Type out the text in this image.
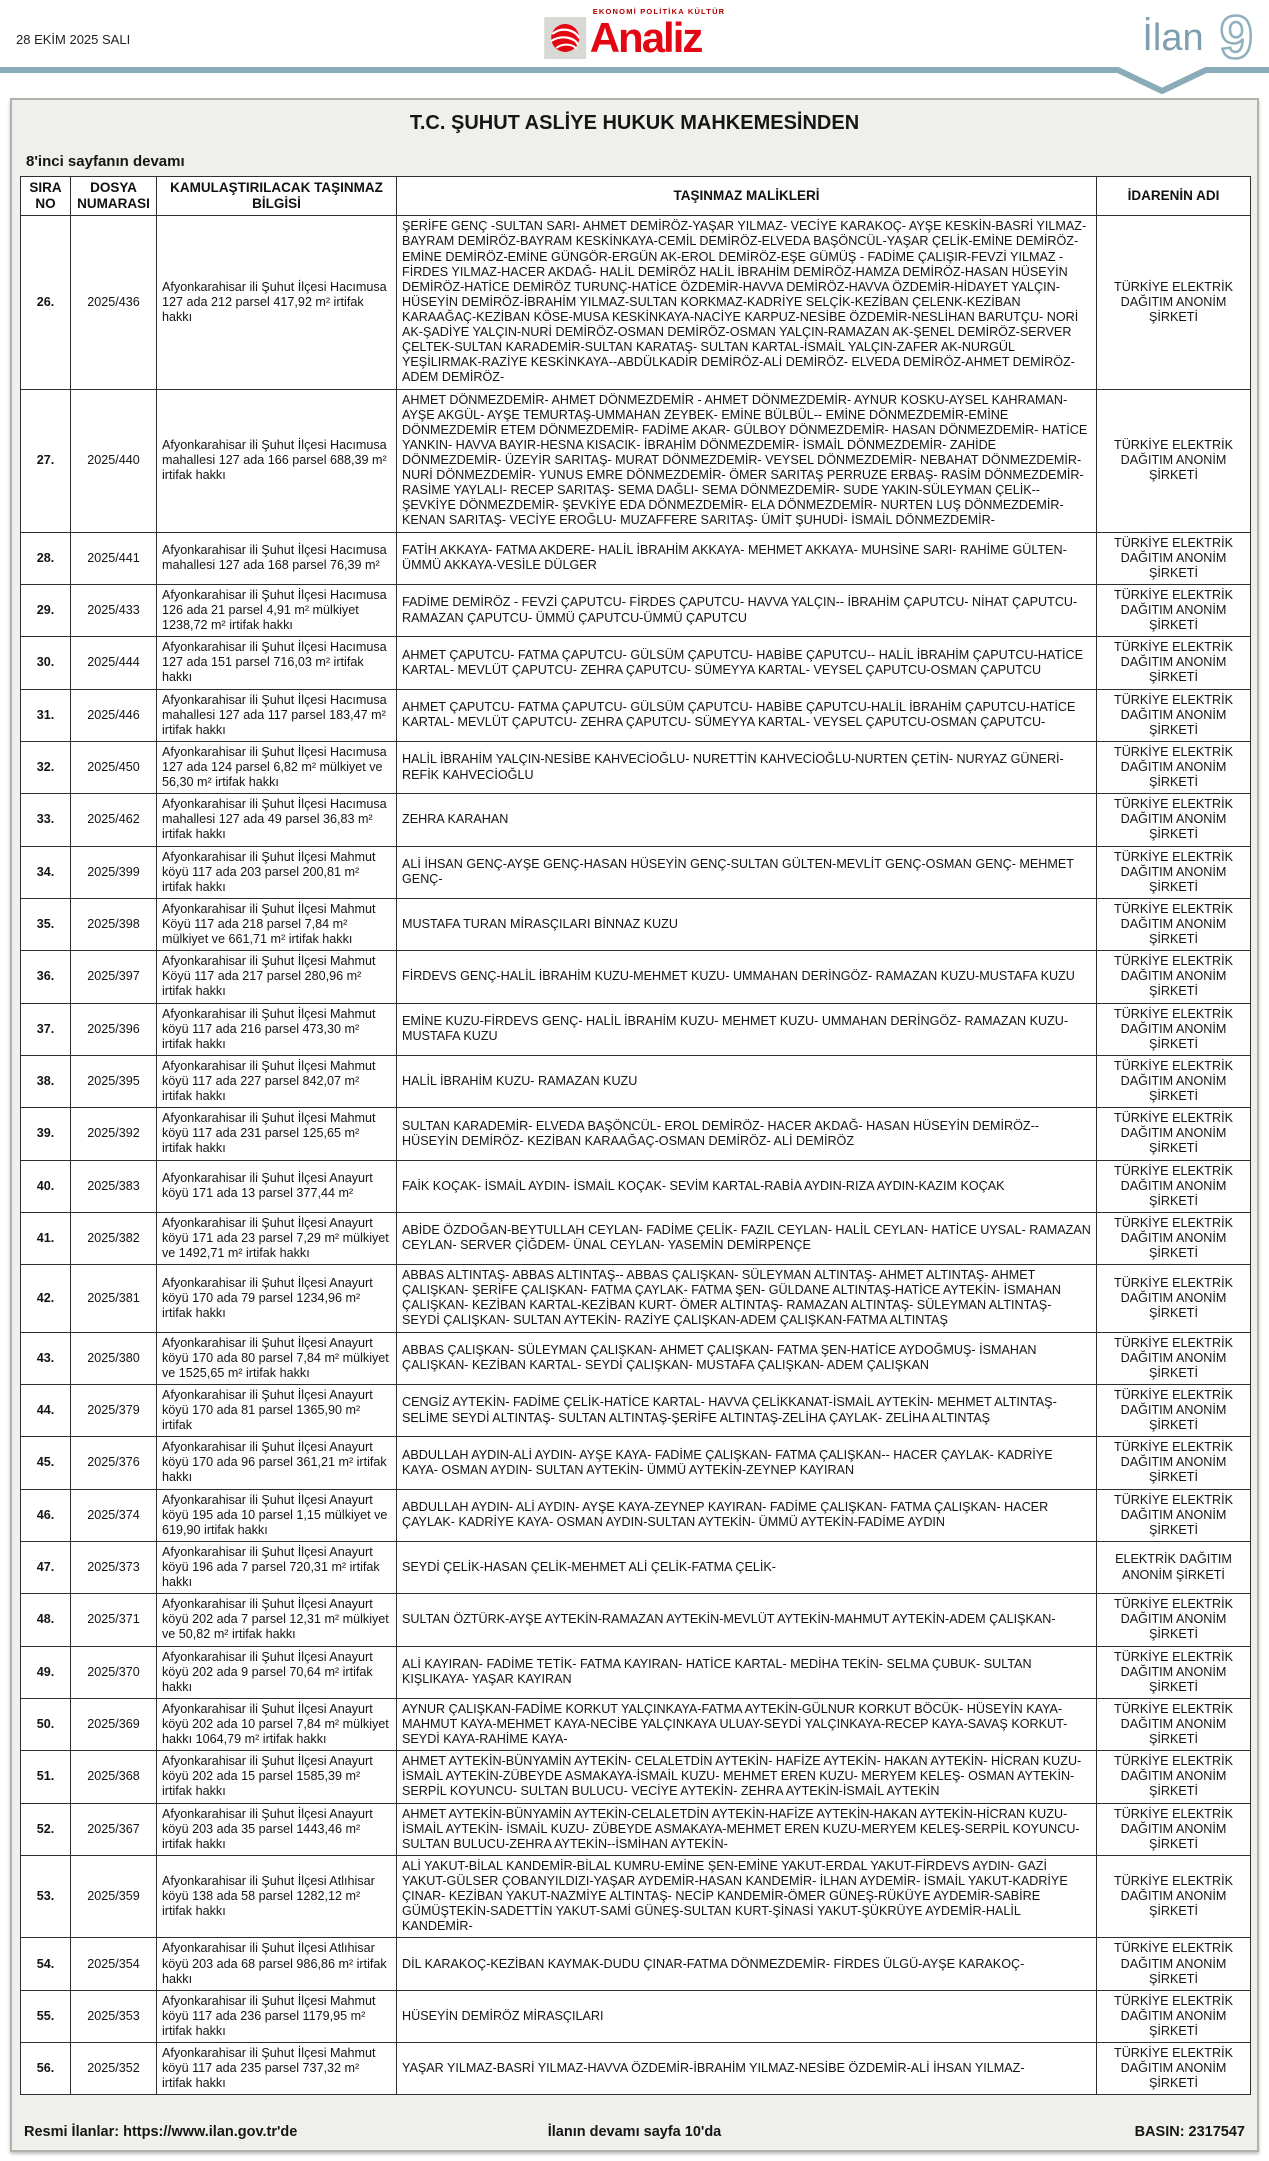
28 EKİM 2025 SALI
EKONOMİ POLİTİKA KÜLTÜR
Analiz	İlan 9
T.C. ŞUHUT ASLİYE HUKUK MAHKEMESİNDEN
8'inci sayfanın devamı
SIRA NO	DOSYA NUMARASI	KAMULAŞTIRILACAK TAŞINMAZ BİLGİSİ	TAŞINMAZ MALİKLERİ	İDARENİN ADI
26.	2025/436	Afyonkarahisar ili Şuhut İlçesi Hacımusa 127 ada 212 parsel 417,92 m² irtifak hakkı	ŞERİFE GENÇ -SULTAN SARI- AHMET DEMİRÖZ-YAŞAR YILMAZ- VECİYE KARAKOÇ- AYŞE KESKİN-BASRİ YILMAZ-BAYRAM DEMİRÖZ-BAYRAM KESKİNKAYA-CEMİL DEMİRÖZ-ELVEDA BAŞÖNCÜL-YAŞAR ÇELİK-EMİNE DEMİRÖZ-EMİNE DEMİRÖZ-EMİNE GÜNGÖR-ERGÜN AK-EROL DEMİRÖZ-EŞE GÜMÜŞ - FADİME ÇALIŞIR-FEVZİ YILMAZ -FİRDES YILMAZ-HACER AKDAĞ- HALİL DEMİRÖZ HALİL İBRAHİM DEMİRÖZ-HAMZA DEMİRÖZ-HASAN HÜSEYİN DEMİRÖZ-HATİCE DEMİRÖZ TURUNÇ-HATİCE ÖZDEMİR-HAVVA DEMİRÖZ-HAVVA ÖZDEMİR-HİDAYET YALÇIN-HÜSEYİN DEMİRÖZ-İBRAHİM YILMAZ-SULTAN KORKMAZ-KADRİYE SELÇİK-KEZİBAN ÇELENK-KEZİBAN KARAAĞAÇ-KEZİBAN KÖSE-MUSA KESKİNKAYA-NACİYE KARPUZ-NESİBE ÖZDEMİR-NESLİHAN BARUTÇU- NORİ AK-ŞADİYE YALÇIN-NURİ DEMİRÖZ-OSMAN DEMİRÖZ-OSMAN YALÇIN-RAMAZAN AK-ŞENEL DEMİRÖZ-SERVER ÇELTEK-SULTAN KARADEMİR-SULTAN KARATAŞ- SULTAN KARTAL-İSMAİL YALÇIN-ZAFER AK-NURGÜL YEŞİLIRMAK-RAZİYE KESKİNKAYA--ABDÜLKADİR DEMİRÖZ-ALİ DEMİRÖZ- ELVEDA DEMİRÖZ-AHMET DEMİRÖZ-ADEM DEMİRÖZ-	TÜRKİYE ELEKTRİK DAĞITIM ANONİM ŞİRKETİ
27.	2025/440	Afyonkarahisar ili Şuhut İlçesi Hacımusa mahallesi 127 ada 166 parsel 688,39 m² irtifak hakkı	AHMET DÖNMEZDEMİR- AHMET DÖNMEZDEMİR - AHMET DÖNMEZDEMİR- AYNUR KOSKU-AYSEL KAHRAMAN-AYŞE AKGÜL- AYŞE TEMURTAŞ-UMMAHAN ZEYBEK- EMİNE BÜLBÜL-- EMİNE DÖNMEZDEMİR-EMİNE DÖNMEZDEMİR ETEM DÖNMEZDEMİR- FADİME AKAR- GÜLBOY DÖNMEZDEMİR- HASAN DÖNMEZDEMİR- HATİCE YANKIN- HAVVA BAYIR-HESNA KISACIK- İBRAHİM DÖNMEZDEMİR- İSMAİL DÖNMEZDEMİR- ZAHİDE DÖNMEZDEMİR- ÜZEYİR SARITAŞ- MURAT DÖNMEZDEMİR- VEYSEL DÖNMEZDEMİR- NEBAHAT DÖNMEZDEMİR-NURİ DÖNMEZDEMİR- YUNUS EMRE DÖNMEZDEMİR- ÖMER SARITAŞ PERRUZE ERBAŞ- RASİM DÖNMEZDEMİR-RASİME YAYLALI- RECEP SARITAŞ- SEMA DAĞLI- SEMA DÖNMEZDEMİR- SUDE YAKIN-SÜLEYMAN ÇELİK-- ŞEVKİYE DÖNMEZDEMİR- ŞEVKİYE EDA DÖNMEZDEMİR- ELA DÖNMEZDEMİR- NURTEN LUŞ DÖNMEZDEMİR-KENAN SARITAŞ- VECİYE EROĞLU- MUZAFFERE SARITAŞ- ÜMİT ŞUHUDİ- İSMAİL DÖNMEZDEMİR-	TÜRKİYE ELEKTRİK DAĞITIM ANONİM ŞİRKETİ
28.	2025/441	Afyonkarahisar ili Şuhut İlçesi Hacımusa mahallesi 127 ada 168 parsel 76,39 m²	FATİH AKKAYA- FATMA AKDERE- HALİL İBRAHİM AKKAYA- MEHMET AKKAYA- MUHSİNE SARI- RAHİME GÜLTEN- ÜMMÜ AKKAYA-VESİLE DÜLGER	TÜRKİYE ELEKTRİK DAĞITIM ANONİM ŞİRKETİ
29.	2025/433	Afyonkarahisar ili Şuhut İlçesi Hacımusa 126 ada 21 parsel 4,91 m² mülkiyet 1238,72 m² irtifak hakkı	FADİME DEMİRÖZ - FEVZİ ÇAPUTCU- FİRDES ÇAPUTCU- HAVVA YALÇIN-- İBRAHİM ÇAPUTCU- NİHAT ÇAPUTCU- RAMAZAN ÇAPUTCU- ÜMMÜ ÇAPUTCU-ÜMMÜ ÇAPUTCU	TÜRKİYE ELEKTRİK DAĞITIM ANONİM ŞİRKETİ
30.	2025/444	Afyonkarahisar ili Şuhut İlçesi Hacımusa 127 ada 151 parsel 716,03 m² irtifak hakkı	AHMET ÇAPUTCU- FATMA ÇAPUTCU- GÜLSÜM ÇAPUTCU- HABİBE ÇAPUTCU-- HALİL İBRAHİM ÇAPUTCU-HATİCE KARTAL- MEVLÜT ÇAPUTCU- ZEHRA ÇAPUTCU- SÜMEYYA KARTAL- VEYSEL ÇAPUTCU-OSMAN ÇAPUTCU	TÜRKİYE ELEKTRİK DAĞITIM ANONİM ŞİRKETİ
31.	2025/446	Afyonkarahisar ili Şuhut İlçesi Hacımusa mahallesi 127 ada 117 parsel 183,47 m² irtifak hakkı	AHMET ÇAPUTCU- FATMA ÇAPUTCU- GÜLSÜM ÇAPUTCU- HABİBE ÇAPUTCU-HALİL İBRAHİM ÇAPUTCU-HATİCE KARTAL- MEVLÜT ÇAPUTCU- ZEHRA ÇAPUTCU- SÜMEYYA KARTAL- VEYSEL ÇAPUTCU-OSMAN ÇAPUTCU-	TÜRKİYE ELEKTRİK DAĞITIM ANONİM ŞİRKETİ
32.	2025/450	Afyonkarahisar ili Şuhut İlçesi Hacımusa 127 ada 124 parsel 6,82 m² mülkiyet ve 56,30 m² irtifak hakkı	HALİL İBRAHİM YALÇIN-NESİBE KAHVECİOĞLU- NURETTİN KAHVECİOĞLU-NURTEN ÇETİN- NURYAZ GÜNERİ-REFİK KAHVECİOĞLU	TÜRKİYE ELEKTRİK DAĞITIM ANONİM ŞİRKETİ
33.	2025/462	Afyonkarahisar ili Şuhut İlçesi Hacımusa mahallesi 127 ada 49 parsel 36,83 m² irtifak hakkı	ZEHRA KARAHAN	TÜRKİYE ELEKTRİK DAĞITIM ANONİM ŞİRKETİ
34.	2025/399	Afyonkarahisar ili Şuhut İlçesi Mahmut köyü 117 ada 203 parsel 200,81 m² irtifak hakkı	ALİ İHSAN GENÇ-AYŞE GENÇ-HASAN HÜSEYİN GENÇ-SULTAN GÜLTEN-MEVLİT GENÇ-OSMAN GENÇ- MEHMET GENÇ-	TÜRKİYE ELEKTRİK DAĞITIM ANONİM ŞİRKETİ
35.	2025/398	Afyonkarahisar ili Şuhut İlçesi Mahmut Köyü 117 ada 218 parsel 7,84 m² mülkiyet ve 661,71 m² irtifak hakkı	MUSTAFA TURAN MİRASÇILARI BİNNAZ KUZU	TÜRKİYE ELEKTRİK DAĞITIM ANONİM ŞİRKETİ
36.	2025/397	Afyonkarahisar ili Şuhut İlçesi Mahmut Köyü 117 ada 217 parsel 280,96 m² irtifak hakkı	FİRDEVS GENÇ-HALİL İBRAHİM KUZU-MEHMET KUZU- UMMAHAN DERİNGÖZ- RAMAZAN KUZU-MUSTAFA KUZU	TÜRKİYE ELEKTRİK DAĞITIM ANONİM ŞİRKETİ
37.	2025/396	Afyonkarahisar ili Şuhut İlçesi Mahmut köyü 117 ada 216 parsel 473,30 m² irtifak hakkı	EMİNE KUZU-FİRDEVS GENÇ- HALİL İBRAHİM KUZU- MEHMET KUZU- UMMAHAN DERİNGÖZ- RAMAZAN KUZU-MUSTAFA KUZU	TÜRKİYE ELEKTRİK DAĞITIM ANONİM ŞİRKETİ
38.	2025/395	Afyonkarahisar ili Şuhut İlçesi Mahmut köyü 117 ada 227 parsel 842,07 m² irtifak hakkı	HALİL İBRAHİM KUZU- RAMAZAN KUZU	TÜRKİYE ELEKTRİK DAĞITIM ANONİM ŞİRKETİ
39.	2025/392	Afyonkarahisar ili Şuhut İlçesi Mahmut köyü 117 ada 231 parsel 125,65 m² irtifak hakkı	SULTAN KARADEMİR- ELVEDA BAŞÖNCÜL- EROL DEMİRÖZ- HACER AKDAĞ- HASAN HÜSEYİN DEMİRÖZ-- HÜSEYİN DEMİRÖZ- KEZİBAN KARAAĞAÇ-OSMAN DEMİRÖZ- ALİ DEMİRÖZ	TÜRKİYE ELEKTRİK DAĞITIM ANONİM ŞİRKETİ
40.	2025/383	Afyonkarahisar ili Şuhut İlçesi Anayurt köyü 171 ada 13 parsel 377,44 m²	FAİK KOÇAK- İSMAİL AYDIN- İSMAİL KOÇAK- SEVİM KARTAL-RABİA AYDIN-RIZA AYDIN-KAZIM KOÇAK	TÜRKİYE ELEKTRİK DAĞITIM ANONİM ŞİRKETİ
41.	2025/382	Afyonkarahisar ili Şuhut İlçesi Anayurt köyü 171 ada 23 parsel 7,29 m² mülkiyet ve 1492,71 m² irtifak hakkı	ABİDE ÖZDOĞAN-BEYTULLAH CEYLAN- FADİME ÇELİK- FAZIL CEYLAN- HALİL CEYLAN- HATİCE UYSAL- RAMAZAN CEYLAN- SERVER ÇİĞDEM- ÜNAL CEYLAN- YASEMİN DEMİRPENÇE	TÜRKİYE ELEKTRİK DAĞITIM ANONİM ŞİRKETİ
42.	2025/381	Afyonkarahisar ili Şuhut İlçesi Anayurt köyü 170 ada 79 parsel 1234,96 m² irtifak hakkı	ABBAS ALTINTAŞ- ABBAS ALTINTAŞ-- ABBAS ÇALIŞKAN- SÜLEYMAN ALTINTAŞ- AHMET ALTINTAŞ- AHMET ÇALIŞKAN- ŞERİFE ÇALIŞKAN- FATMA ÇAYLAK- FATMA ŞEN- GÜLDANE ALTINTAŞ-HATİCE AYTEKİN- İSMAHAN ÇALIŞKAN- KEZİBAN KARTAL-KEZİBAN KURT- ÖMER ALTINTAŞ- RAMAZAN ALTINTAŞ- SÜLEYMAN ALTINTAŞ- SEYDİ ÇALIŞKAN- SULTAN AYTEKİN- RAZİYE ÇALIŞKAN-ADEM ÇALIŞKAN-FATMA ALTINTAŞ	TÜRKİYE ELEKTRİK DAĞITIM ANONİM ŞİRKETİ
43.	2025/380	Afyonkarahisar ili Şuhut İlçesi Anayurt köyü 170 ada 80 parsel 7,84 m² mülkiyet ve 1525,65 m² irtifak hakkı	ABBAS ÇALIŞKAN- SÜLEYMAN ÇALIŞKAN- AHMET ÇALIŞKAN- FATMA ŞEN-HATİCE AYDOĞMUŞ- İSMAHAN ÇALIŞKAN- KEZİBAN KARTAL- SEYDİ ÇALIŞKAN- MUSTAFA ÇALIŞKAN- ADEM ÇALIŞKAN	TÜRKİYE ELEKTRİK DAĞITIM ANONİM ŞİRKETİ
44.	2025/379	Afyonkarahisar ili Şuhut İlçesi Anayurt köyü 170 ada 81 parsel 1365,90 m² irtifak	CENGİZ AYTEKİN- FADİME ÇELİK-HATİCE KARTAL- HAVVA ÇELİKKANAT-İSMAİL AYTEKİN- MEHMET ALTINTAŞ- SELİME SEYDİ ALTINTAŞ- SULTAN ALTINTAŞ-ŞERİFE ALTINTAŞ-ZELİHA ÇAYLAK- ZELİHA ALTINTAŞ	TÜRKİYE ELEKTRİK DAĞITIM ANONİM ŞİRKETİ
45.	2025/376	Afyonkarahisar ili Şuhut İlçesi Anayurt köyü 170 ada 96 parsel 361,21 m² irtifak hakkı	ABDULLAH AYDIN-ALİ AYDIN- AYŞE KAYA- FADİME ÇALIŞKAN- FATMA ÇALIŞKAN-- HACER ÇAYLAK- KADRİYE KAYA- OSMAN AYDIN- SULTAN AYTEKİN- ÜMMÜ AYTEKİN-ZEYNEP KAYIRAN	TÜRKİYE ELEKTRİK DAĞITIM ANONİM ŞİRKETİ
46.	2025/374	Afyonkarahisar ili Şuhut İlçesi Anayurt köyü 195 ada 10 parsel 1,15 mülkiyet ve 619,90 irtifak hakkı	ABDULLAH AYDIN- ALİ AYDIN- AYŞE KAYA-ZEYNEP KAYIRAN- FADİME ÇALIŞKAN- FATMA ÇALIŞKAN- HACER ÇAYLAK- KADRİYE KAYA- OSMAN AYDIN-SULTAN AYTEKİN- ÜMMÜ AYTEKİN-FADİME AYDIN	TÜRKİYE ELEKTRİK DAĞITIM ANONİM ŞİRKETİ
47.	2025/373	Afyonkarahisar ili Şuhut İlçesi Anayurt köyü 196 ada 7 parsel 720,31 m² irtifak hakkı	SEYDİ ÇELİK-HASAN ÇELİK-MEHMET ALİ ÇELİK-FATMA ÇELİK-	ELEKTRİK DAĞITIM ANONİM ŞİRKETİ
48.	2025/371	Afyonkarahisar ili Şuhut İlçesi Anayurt köyü 202 ada 7 parsel 12,31 m² mülkiyet ve 50,82 m² irtifak hakkı	SULTAN ÖZTÜRK-AYŞE AYTEKİN-RAMAZAN AYTEKİN-MEVLÜT AYTEKİN-MAHMUT AYTEKİN-ADEM ÇALIŞKAN-	TÜRKİYE ELEKTRİK DAĞITIM ANONİM ŞİRKETİ
49.	2025/370	Afyonkarahisar ili Şuhut İlçesi Anayurt köyü 202 ada 9 parsel 70,64 m² irtifak hakkı	ALİ KAYIRAN- FADİME TETİK- FATMA KAYIRAN- HATİCE KARTAL- MEDİHA TEKİN- SELMA ÇUBUK- SULTAN KIŞLIKAYA- YAŞAR KAYIRAN	TÜRKİYE ELEKTRİK DAĞITIM ANONİM ŞİRKETİ
50.	2025/369	Afyonkarahisar ili Şuhut İlçesi Anayurt köyü 202 ada 10 parsel 7,84 m² mülkiyet hakkı 1064,79 m² irtifak hakkı	AYNUR ÇALIŞKAN-FADİME KORKUT YALÇINKAYA-FATMA AYTEKİN-GÜLNUR KORKUT BÖCÜK- HÜSEYİN KAYA-MAHMUT KAYA-MEHMET KAYA-NECİBE YALÇINKAYA ULUAY-SEYDİ YALÇINKAYA-RECEP KAYA-SAVAŞ KORKUT-SEYDİ KAYA-RAHİME KAYA-	TÜRKİYE ELEKTRİK DAĞITIM ANONİM ŞİRKETİ
51.	2025/368	Afyonkarahisar ili Şuhut İlçesi Anayurt köyü 202 ada 15 parsel 1585,39 m² irtifak hakkı	AHMET AYTEKİN-BÜNYAMİN AYTEKİN- CELALETDİN AYTEKİN- HAFİZE AYTEKİN- HAKAN AYTEKİN- HİCRAN KUZU- İSMAİL AYTEKİN-ZÜBEYDE ASMAKAYA-İSMAİL KUZU- MEHMET EREN KUZU- MERYEM KELEŞ- OSMAN AYTEKİN-SERPİL KOYUNCU- SULTAN BULUCU- VECİYE AYTEKİN- ZEHRA AYTEKİN-İSMAİL AYTEKİN	TÜRKİYE ELEKTRİK DAĞITIM ANONİM ŞİRKETİ
52.	2025/367	Afyonkarahisar ili Şuhut İlçesi Anayurt köyü 203 ada 35 parsel 1443,46 m² irtifak hakkı	AHMET AYTEKİN-BÜNYAMİN AYTEKİN-CELALETDİN AYTEKİN-HAFİZE AYTEKİN-HAKAN AYTEKİN-HİCRAN KUZU-İSMAİL AYTEKİN- İSMAİL KUZU- ZÜBEYDE ASMAKAYA-MEHMET EREN KUZU-MERYEM KELEŞ-SERPİL KOYUNCU-SULTAN BULUCU-ZEHRA AYTEKİN--İSMİHAN AYTEKİN-	TÜRKİYE ELEKTRİK DAĞITIM ANONİM ŞİRKETİ
53.	2025/359	Afyonkarahisar ili Şuhut İlçesi Atlıhisar köyü 138 ada 58 parsel 1282,12 m² irtifak hakkı	ALİ YAKUT-BİLAL KANDEMİR-BİLAL KUMRU-EMİNE ŞEN-EMİNE YAKUT-ERDAL YAKUT-FİRDEVS AYDIN- GAZİ YAKUT-GÜLSER ÇOBANYILDIZI-YAŞAR AYDEMİR-HASAN KANDEMİR- İLHAN AYDEMİR- İSMAİL YAKUT-KADRİYE ÇINAR- KEZİBAN YAKUT-NAZMİYE ALTINTAŞ- NECİP KANDEMİR-ÖMER GÜNEŞ-RÜKÜYE AYDEMİR-SABİRE GÜMÜŞTEKİN-SADETTİN YAKUT-SAMİ GÜNEŞ-SULTAN KURT-ŞİNASİ YAKUT-ŞÜKRÜYE AYDEMİR-HALİL KANDEMİR-	TÜRKİYE ELEKTRİK DAĞITIM ANONİM ŞİRKETİ
54.	2025/354	Afyonkarahisar ili Şuhut İlçesi Atlıhisar köyü 203 ada 68 parsel 986,86 m² irtifak hakkı	DİL KARAKOÇ-KEZİBAN KAYMAK-DUDU ÇINAR-FATMA DÖNMEZDEMİR- FİRDES ÜLGÜ-AYŞE KARAKOÇ-	TÜRKİYE ELEKTRİK DAĞITIM ANONİM ŞİRKETİ
55.	2025/353	Afyonkarahisar ili Şuhut İlçesi Mahmut köyü 117 ada 236 parsel 1179,95 m² irtifak hakkı	HÜSEYİN DEMİRÖZ MİRASÇILARI	TÜRKİYE ELEKTRİK DAĞITIM ANONİM ŞİRKETİ
56.	2025/352	Afyonkarahisar ili Şuhut İlçesi Mahmut köyü 117 ada 235 parsel 737,32 m² irtifak hakkı	YAŞAR YILMAZ-BASRİ YILMAZ-HAVVA ÖZDEMİR-İBRAHİM YILMAZ-NESİBE ÖZDEMİR-ALİ İHSAN YILMAZ-	TÜRKİYE ELEKTRİK DAĞITIM ANONİM ŞİRKETİ
Resmi İlanlar: https://www.ilan.gov.tr'de	İlanın devamı sayfa 10'da	BASIN: 2317547
